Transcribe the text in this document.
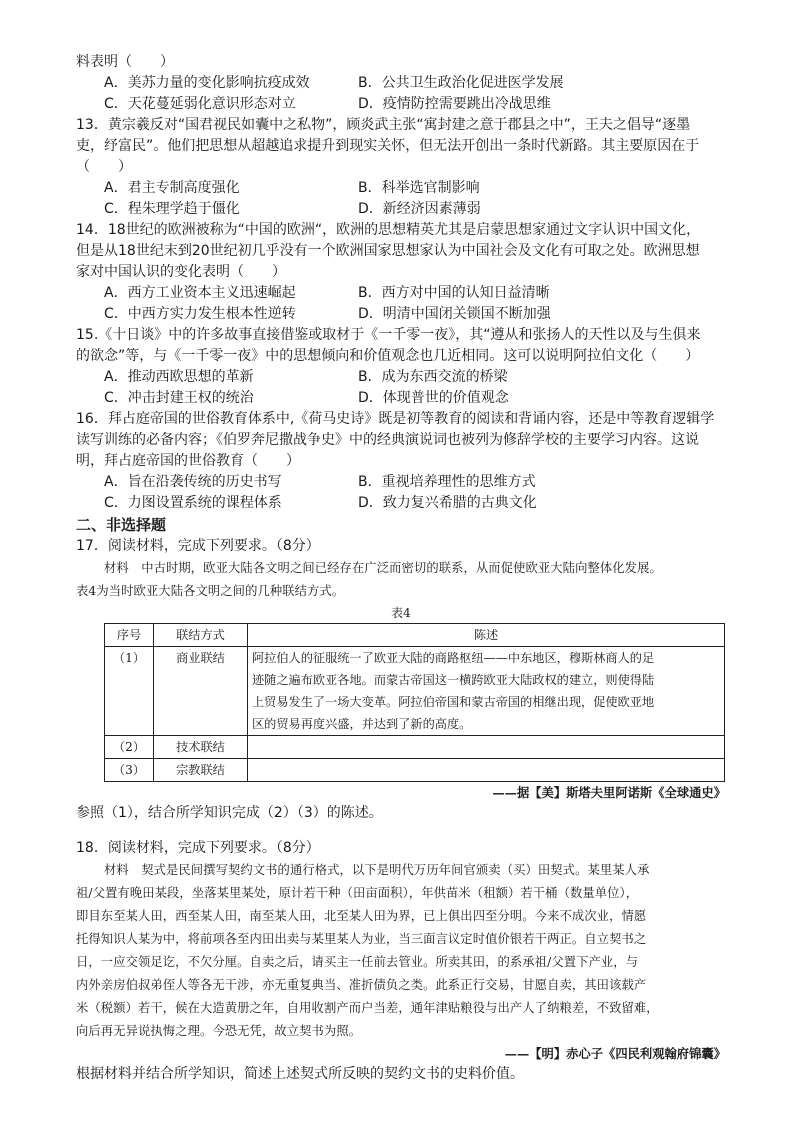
料表明（　　）
A．美苏力量的变化影响抗疫成效	B．公共卫生政治化促进医学发展
C．天花蔓延弱化意识形态对立	D．疫情防控需要跳出冷战思维
13．黄宗羲反对“国君视民如囊中之私物”，顾炎武主张“寓封建之意于郡县之中”，王夫之倡导“逐墨
吏，纾富民”。他们把思想从超越追求提升到现实关怀，但无法开创出一条时代新路。其主要原因在于
（　　）
A．君主专制高度强化	B．科举选官制影响
C．程朱理学趋于僵化	D．新经济因素薄弱
14．18世纪的欧洲被称为“中国的欧洲“，欧洲的思想精英尤其是启蒙思想家通过文字认识中国文化，
但是从18世纪末到20世纪初几乎没有一个欧洲国家思想家认为中国社会及文化有可取之处。欧洲思想
家对中国认识的变化表明（　　）
A．西方工业资本主义迅速崛起	B．西方对中国的认知日益清晰
C．中西方实力发生根本性逆转	D．明清中国闭关锁国不断加强
15.《十日谈》中的许多故事直接借鉴或取材于《一千零一夜》，其“遵从和张扬人的天性以及与生俱来
的欲念”等，与《一千零一夜》中的思想倾向和价值观念也几近相同。这可以说明阿拉伯文化（　　）
A．推动西欧思想的革新	B．成为东西交流的桥梁
C．冲击封建王权的统治	D．体现普世的价值观念
16．拜占庭帝国的世俗教育体系中,《荷马史诗》既是初等教育的阅读和背诵内容，还是中等教育逻辑学
读写训练的必备内容；《伯罗奔尼撒战争史》中的经典演说词也被列为修辞学校的主要学习内容。这说
明，拜占庭帝国的世俗教育（　　）
A．旨在沿袭传统的历史书写	B．重视培养理性的思维方式
C．力图设置系统的课程体系	D．致力复兴希腊的古典文化
二、非选择题
17．阅读材料，完成下列要求。（8分）
材料　中古时期，欧亚大陆各文明之间已经存在广泛而密切的联系，从而促使欧亚大陆向整体化发展。
表4为当时欧亚大陆各文明之间的几种联结方式。
表4
序号	联结方式	陈述
（1）	商业联结	阿拉伯人的征服统一了欧亚大陆的商路枢纽——中东地区，穆斯林商人的足
迹随之遍布欧亚各地。而蒙古帝国这一横跨欧亚大陆政权的建立，则使得陆
上贸易发生了一场大变革。阿拉伯帝国和蒙古帝国的相继出现，促使欧亚地
区的贸易再度兴盛，并达到了新的高度。

（2）	技术联结	
（3）	宗教联结	
——据【美】斯塔夫里阿诺斯《全球通史》
参照（1），结合所学知识完成（2）（3）的陈述。
18．阅读材料，完成下列要求。（8分）
材料　契式是民间撰写契约文书的通行格式，以下是明代万历年间官颁卖（买）田契式。某里某人承
祖/父置有晚田某段，坐落某里某处，原计若干种（田亩面积），年供苗米（租额）若干桶（数量单位），
即目东至某人田，西至某人田，南至某人田，北至某人田为界，已上俱出四至分明。今来不成次业，情愿
托得知识人某为中，将前项各至内田出卖与某里某人为业，当三面言议定时值价银若干两正。自立契书之
日，一应交领足讫，不欠分厘。自卖之后，请买主一任前去管业。所卖其田，的系承祖/父置下产业，与
内外亲房伯叔弟侄人等各无干涉，亦无重复典当、准折债负之类。此系正行交易，甘愿自卖，其田该载产
米（税额）若干，候在大造黄册之年，自用收割产而户当差，通年津贴粮役与出产人了纳粮差，不致留难，
向后再无异说执悔之理。今恐无凭，故立契书为照。
——【明】赤心子《四民利观翰府锦囊》
根据材料并结合所学知识，简述上述契式所反映的契约文书的史料价值。
